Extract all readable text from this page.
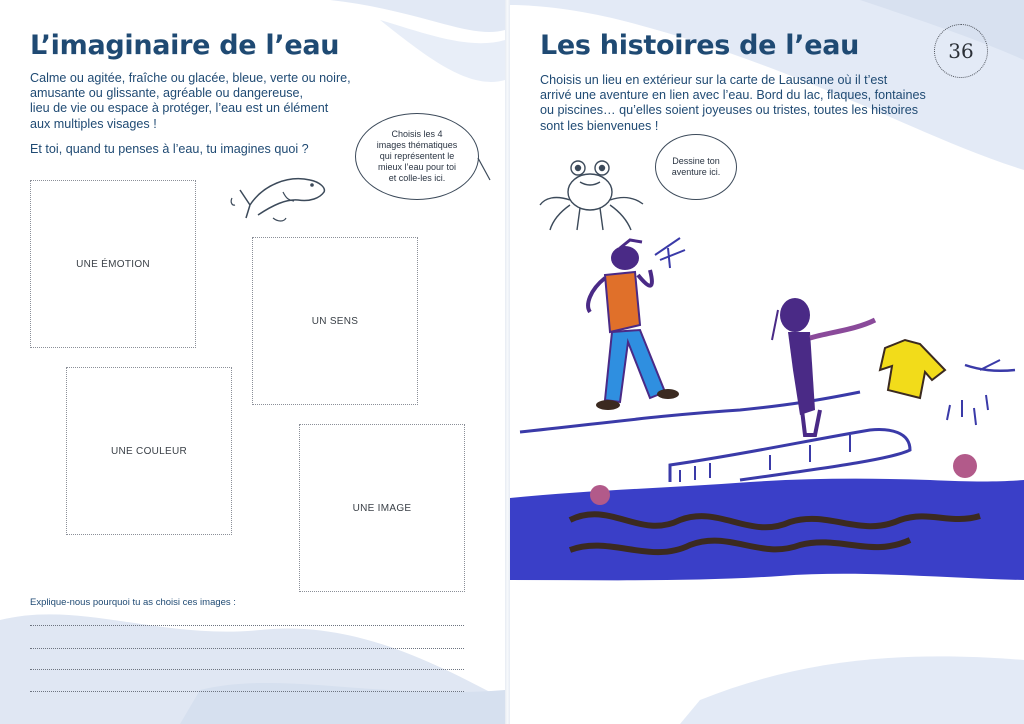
L’imaginaire de l’eau
Calme ou agitée, fraîche ou glacée, bleue, verte ou noire,
amusante ou glissante, agréable ou dangereuse,
lieu de vie ou espace à protéger, l’eau est un élément
aux multiples visages !
Et toi, quand tu penses à l’eau, tu imagines quoi ?
Choisis les 4
images thématiques
qui représentent le
mieux l’eau pour toi
et colle-les ici.
UNE ÉMOTION
UN SENS
UNE COULEUR
UNE IMAGE
Explique-nous pourquoi tu as choisi ces images :
Les histoires de l’eau	36
Choisis un lieu en extérieur sur la carte de Lausanne où il t’est
arrivé une aventure en lien avec l’eau. Bord du lac, flaques, fontaines
ou piscines… qu’elles soient joyeuses ou tristes, toutes les histoires
sont les bienvenues !
Dessine ton
aventure ici.
